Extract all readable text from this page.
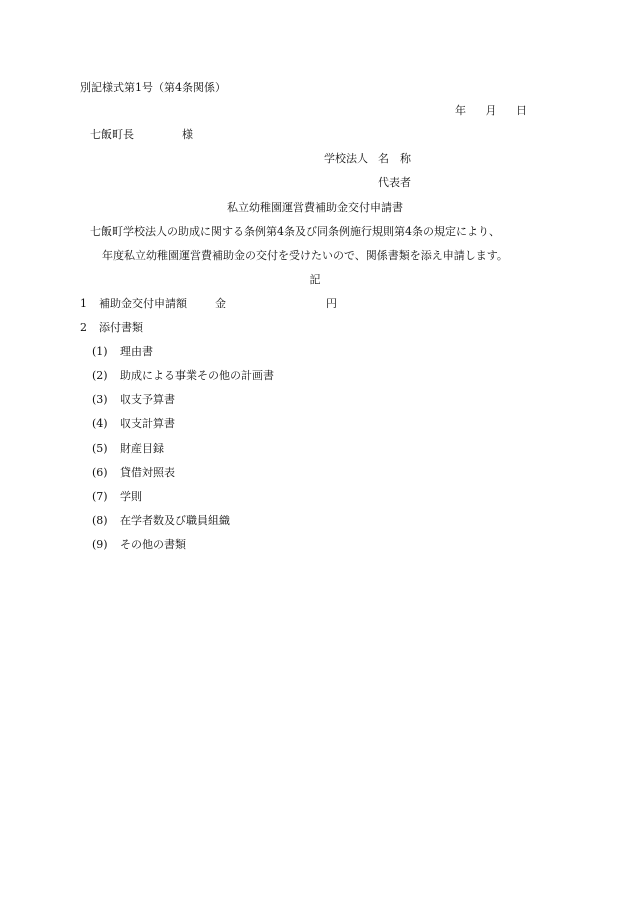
別記様式第1号（第4条関係）
年 月 日
七飯町長	様
学校法人 名　称
代表者
私立幼稚園運営費補助金交付申請書
七飯町学校法人の助成に関する条例第4条及び同条例施行規則第4条の規定により、
年度私立幼稚園運営費補助金の交付を受けたいので、関係書類を添え申請します。
記
1 補助金交付申請額	金	円
2 添付書類
(1) 理由書
(2) 助成による事業その他の計画書
(3) 収支予算書
(4) 収支計算書
(5) 財産目録
(6) 貸借対照表
(7) 学則
(8) 在学者数及び職員組織
(9) その他の書類
